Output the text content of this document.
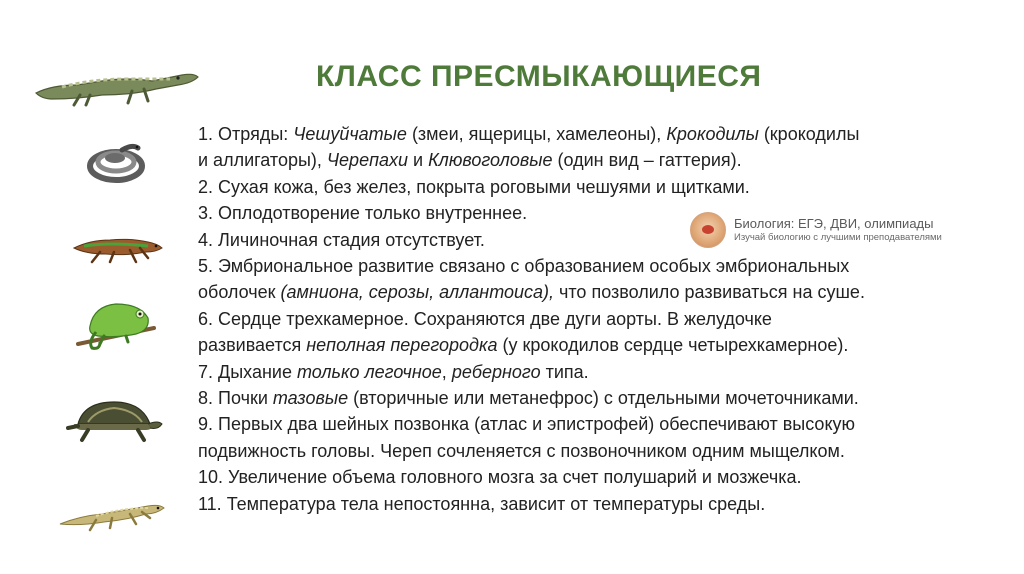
КЛАСС ПРЕСМЫКАЮЩИЕСЯ
1. Отряды: Чешуйчатые (змеи, ящерицы, хамелеоны), Крокодилы (крокодилы
и аллигаторы), Черепахи и Клювоголовые (один вид – гаттерия).
2. Сухая кожа, без желез, покрыта роговыми чешуями и щитками.
3. Оплодотворение только внутреннее.
4. Личиночная стадия отсутствует.
5. Эмбриональное развитие связано с образованием особых эмбриональных
оболочек (амниона, серозы, аллантоиса), что позволило развиваться на суше.
6. Сердце трехкамерное. Сохраняются две дуги аорты. В желудочке
развивается неполная перегородка (у крокодилов сердце четырехкамерное).
7. Дыхание только легочное, реберного типа.
8. Почки тазовые (вторичные или метанефрос) с отдельными мочеточниками.
9. Первых два шейных позвонка (атлас и эпистрофей) обеспечивают высокую
подвижность головы. Череп сочленяется с позвоночником одним мыщелком.
10. Увеличение объема головного мозга за счет полушарий и мозжечка.
11. Температура тела непостоянна, зависит от температуры среды.
Биология: ЕГЭ, ДВИ, олимпиады
Изучай биологию с лучшими преподавателями
